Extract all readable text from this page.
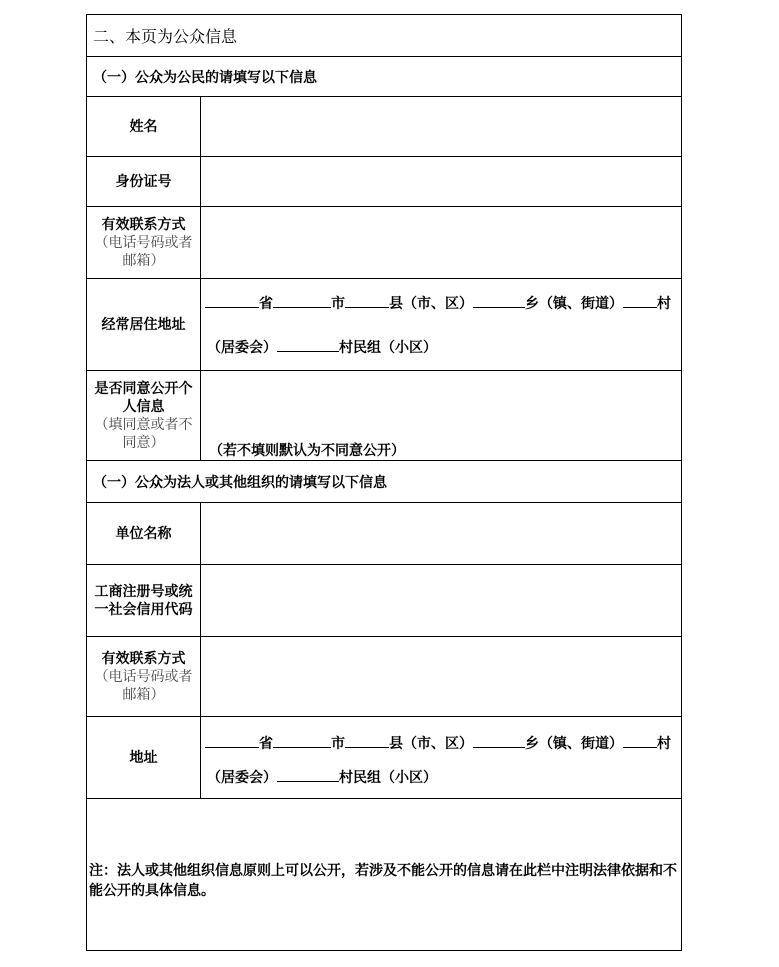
二、本页为公众信息
（一）公众为公民的请填写以下信息
姓名
身份证号
有效联系方式
（电话号码或者邮箱）
经常居住地址
省	市	县（市、区）	乡（镇、街道） 村
（居委会）	村民组（小区）
是否同意公开个人信息
（填同意或者不同意）
（若不填则默认为不同意公开）
（一）公众为法人或其他组织的请填写以下信息
单位名称
工商注册号或统一社会信用代码
有效联系方式
（电话号码或者邮箱）
地址
省	市	县（市、区）	乡（镇、街道） 村
（居委会）	村民组（小区）
注：法人或其他组织信息原则上可以公开，若涉及不能公开的信息请在此栏中注明法律依据和不能公开的具体信息。
